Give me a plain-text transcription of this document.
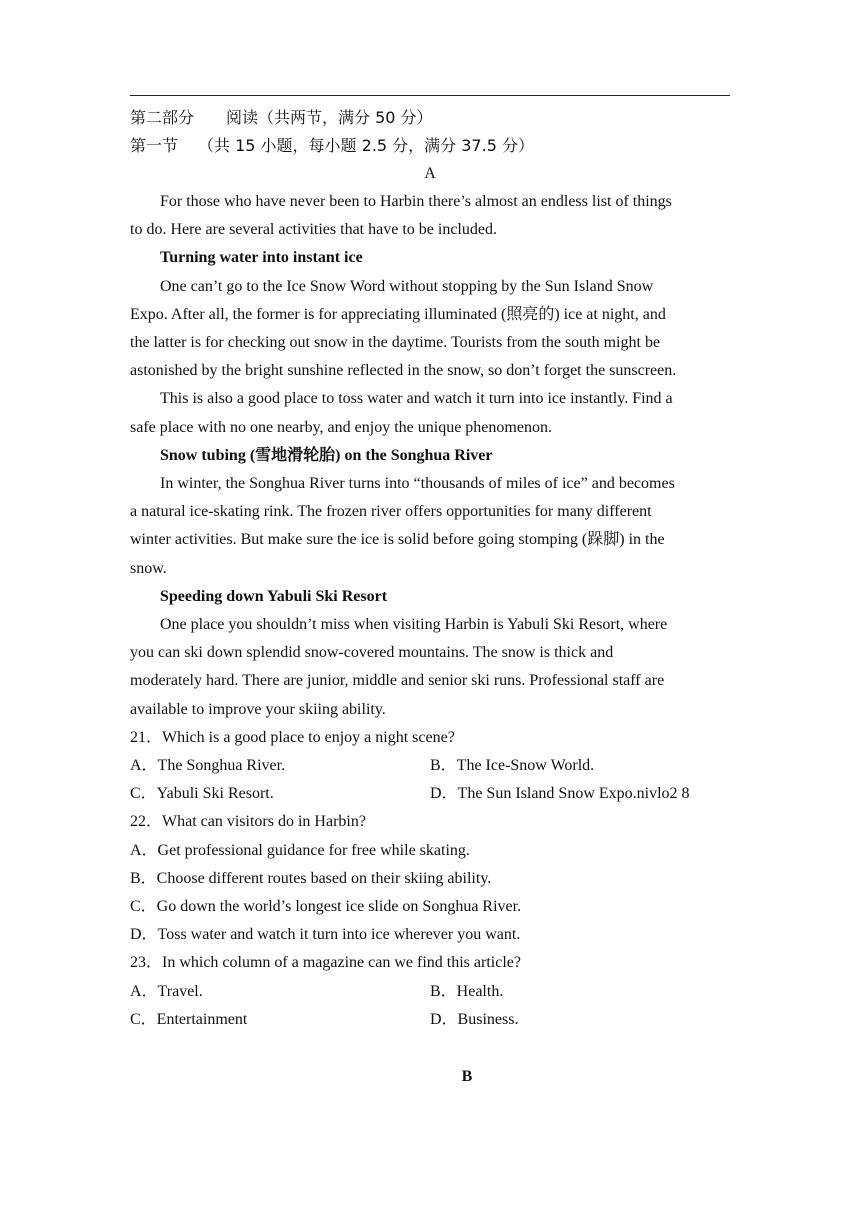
第二部分 阅读（共两节，满分 50 分）
第一节 （共 15 小题，每小题 2.5 分，满分 37.5 分）
A
For those who have never been to Harbin there’s almost an endless list of things
to do. Here are several activities that have to be included.
Turning water into instant ice
One can’t go to the Ice Snow Word without stopping by the Sun Island Snow
Expo. After all, the former is for appreciating illuminated (照亮的) ice at night, and
the latter is for checking out snow in the daytime. Tourists from the south might be
astonished by the bright sunshine reflected in the snow, so don’t forget the sunscreen.
This is also a good place to toss water and watch it turn into ice instantly. Find a
safe place with no one nearby, and enjoy the unique phenomenon.
Snow tubing (雪地滑轮胎) on the Songhua River
In winter, the Songhua River turns into “thousands of miles of ice” and becomes
a natural ice-skating rink. The frozen river offers opportunities for many different
winter activities. But make sure the ice is solid before going stomping (跺脚) in the
snow.
Speeding down Yabuli Ski Resort
One place you shouldn’t miss when visiting Harbin is Yabuli Ski Resort, where
you can ski down splendid snow-covered mountains. The snow is thick and
moderately hard. There are junior, middle and senior ski runs. Professional staff are
available to improve your skiing ability.
21．Which is a good place to enjoy a night scene?
A．The Songhua River.	B．The Ice-Snow World.
C．Yabuli Ski Resort.	D．The Sun Island Snow Expo.nivlo2 8
22．What can visitors do in Harbin?
A．Get professional guidance for free while skating.
B．Choose different routes based on their skiing ability.
C．Go down the world’s longest ice slide on Songhua River.
D．Toss water and watch it turn into ice wherever you want.
23．In which column of a magazine can we find this article?
A．Travel.	B．Health.
C．Entertainment	D．Business.
B
